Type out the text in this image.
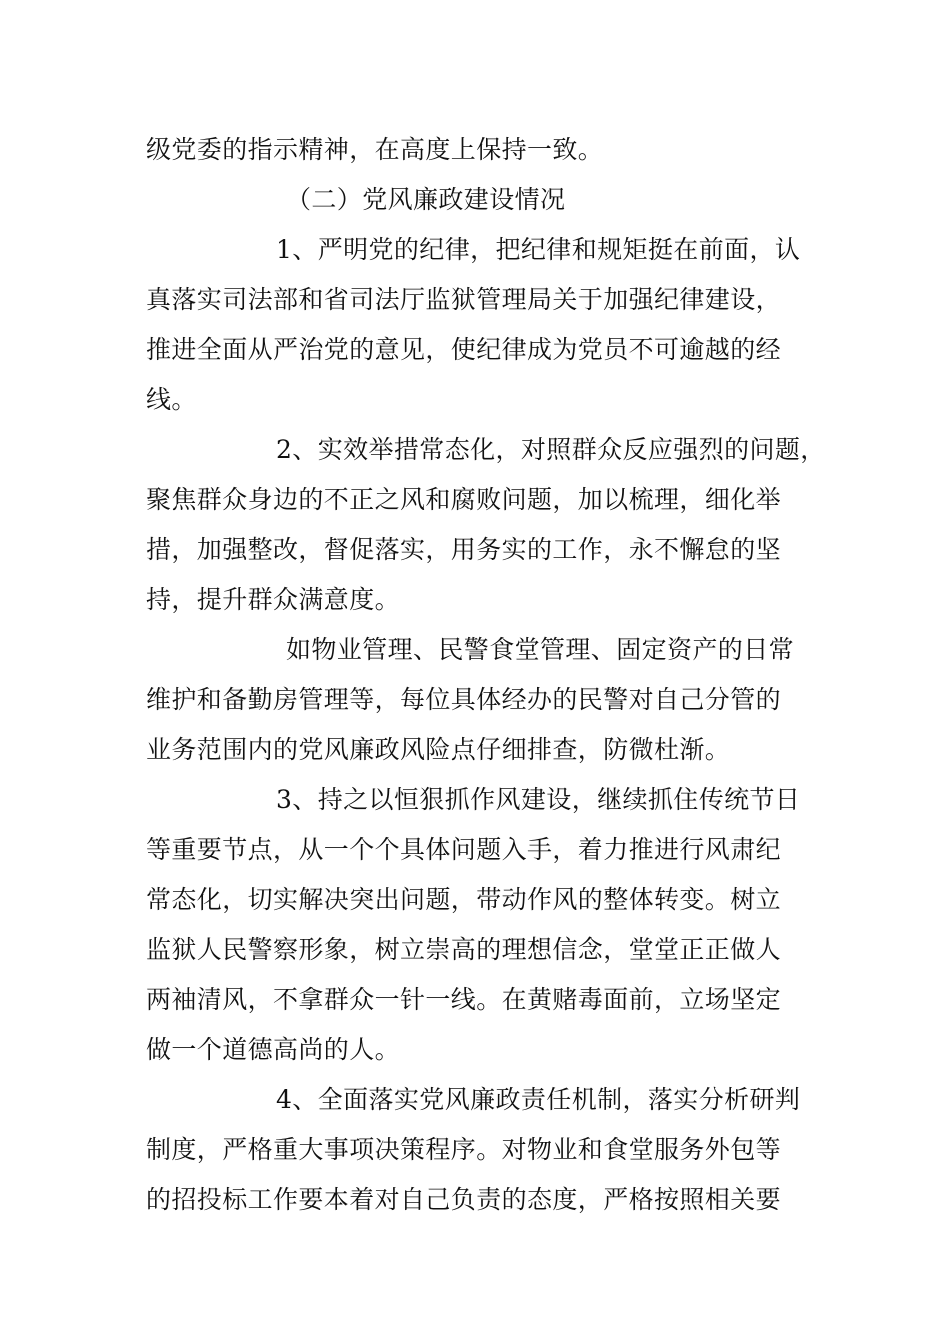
级党委的指示精神，在高度上保持一致。
（二）党风廉政建设情况
1、严明党的纪律，把纪律和规矩挺在前面，认
真落实司法部和省司法厅监狱管理局关于加强纪律建设，
推进全面从严治党的意见，使纪律成为党员不可逾越的经
线。
2、实效举措常态化，对照群众反应强烈的问题，
聚焦群众身边的不正之风和腐败问题，加以梳理，细化举
措，加强整改，督促落实，用务实的工作，永不懈怠的坚
持，提升群众满意度。
如物业管理、民警食堂管理、固定资产的日常
维护和备勤房管理等，每位具体经办的民警对自己分管的
业务范围内的党风廉政风险点仔细排查，防微杜渐。
3、持之以恒狠抓作风建设，继续抓住传统节日
等重要节点，从一个个具体问题入手，着力推进行风肃纪
常态化，切实解决突出问题，带动作风的整体转变。树立
监狱人民警察形象，树立崇高的理想信念，堂堂正正做人
两袖清风，不拿群众一针一线。在黄赌毒面前，立场坚定
做一个道德高尚的人。
4、全面落实党风廉政责任机制，落实分析研判
制度，严格重大事项决策程序。对物业和食堂服务外包等
的招投标工作要本着对自己负责的态度，严格按照相关要
